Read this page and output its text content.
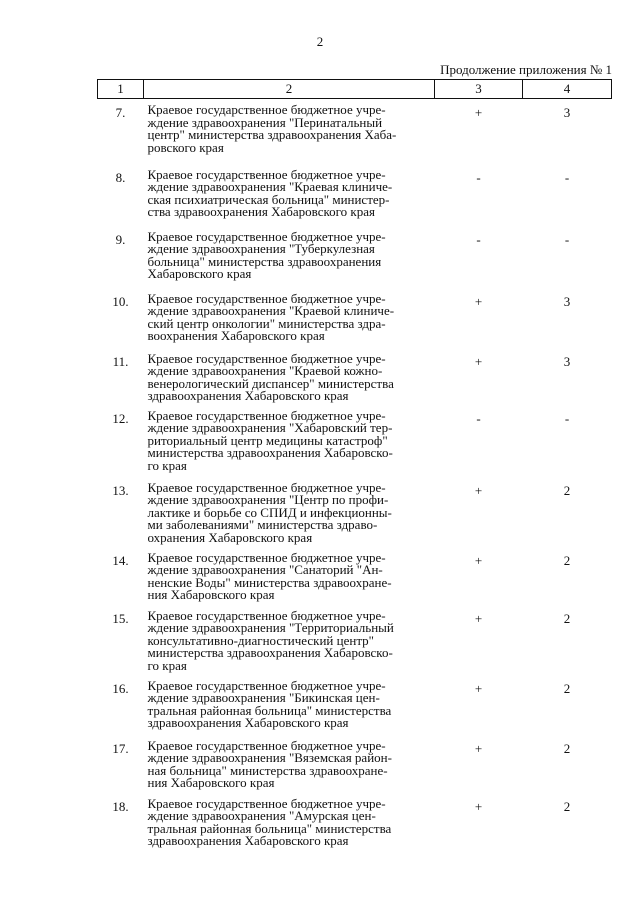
2
Продолжение приложения № 1
1	2	3	4
7.	Краевое государственное бюджетное учре-
ждение здравоохранения "Перинатальный
центр" министерства здравоохранения Хаба-
ровского края	+	3
8.	Краевое государственное бюджетное учре-
ждение здравоохранения "Краевая клиниче-
ская психиатрическая больница" министер-
ства здравоохранения Хабаровского края	-	-
9.	Краевое государственное бюджетное учре-
ждение здравоохранения "Туберкулезная
больница" министерства здравоохранения
Хабаровского края	-	-
10.	Краевое государственное бюджетное учре-
ждение здравоохранения "Краевой клиниче-
ский центр онкологии" министерства здра-
воохранения Хабаровского края	+	3
11.	Краевое государственное бюджетное учре-
ждение здравоохранения "Краевой кожно-
венерологический диспансер" министерства
здравоохранения Хабаровского края	+	3
12.	Краевое государственное бюджетное учре-
ждение здравоохранения "Хабаровский тер-
риториальный центр медицины катастроф"
министерства здравоохранения Хабаровско-
го края	-	-
13.	Краевое государственное бюджетное учре-
ждение здравоохранения "Центр по профи-
лактике и борьбе со СПИД и инфекционны-
ми заболеваниями" министерства здраво-
охранения Хабаровского края	+	2
14.	Краевое государственное бюджетное учре-
ждение здравоохранения "Санаторий "Ан-
ненские Воды" министерства здравоохране-
ния Хабаровского края	+	2
15.	Краевое государственное бюджетное учре-
ждение здравоохранения "Территориальный
консультативно-диагностический центр"
министерства здравоохранения Хабаровско-
го края	+	2
16.	Краевое государственное бюджетное учре-
ждение здравоохранения "Бикинская цен-
тральная районная больница" министерства
здравоохранения Хабаровского края	+	2
17.	Краевое государственное бюджетное учре-
ждение здравоохранения "Вяземская район-
ная больница" министерства здравоохране-
ния Хабаровского края	+	2
18.	Краевое государственное бюджетное учре-
ждение здравоохранения "Амурская цен-
тральная районная больница" министерства
здравоохранения Хабаровского края	+	2
